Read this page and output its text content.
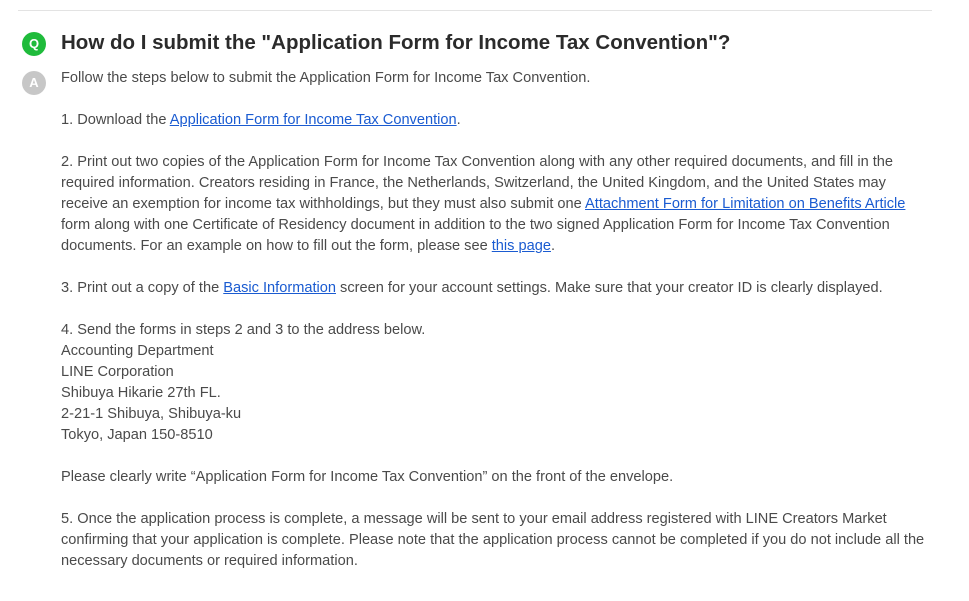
Q	How do I submit the "Application Form for Income Tax Convention"?
A	Follow the steps below to submit the Application Form for Income Tax Convention.

1. Download the Application Form for Income Tax Convention.

2. Print out two copies of the Application Form for Income Tax Convention along with any other required documents, and fill in the required information. Creators residing in France, the Netherlands, Switzerland, the United Kingdom, and the United States may receive an exemption for income tax withholdings, but they must also submit one Attachment Form for Limitation on Benefits Article form along with one Certificate of Residency document in addition to the two signed Application Form for Income Tax Convention documents. For an example on how to fill out the form, please see this page.

3. Print out a copy of the Basic Information screen for your account settings. Make sure that your creator ID is clearly displayed.

4. Send the forms in steps 2 and 3 to the address below.
Accounting Department
LINE Corporation
Shibuya Hikarie 27th FL.
2-21-1 Shibuya, Shibuya-ku
Tokyo, Japan 150-8510

Please clearly write “Application Form for Income Tax Convention” on the front of the envelope.

5. Once the application process is complete, a message will be sent to your email address registered with LINE Creators Market confirming that your application is complete. Please note that the application process cannot be completed if you do not include all the necessary documents or required information.
